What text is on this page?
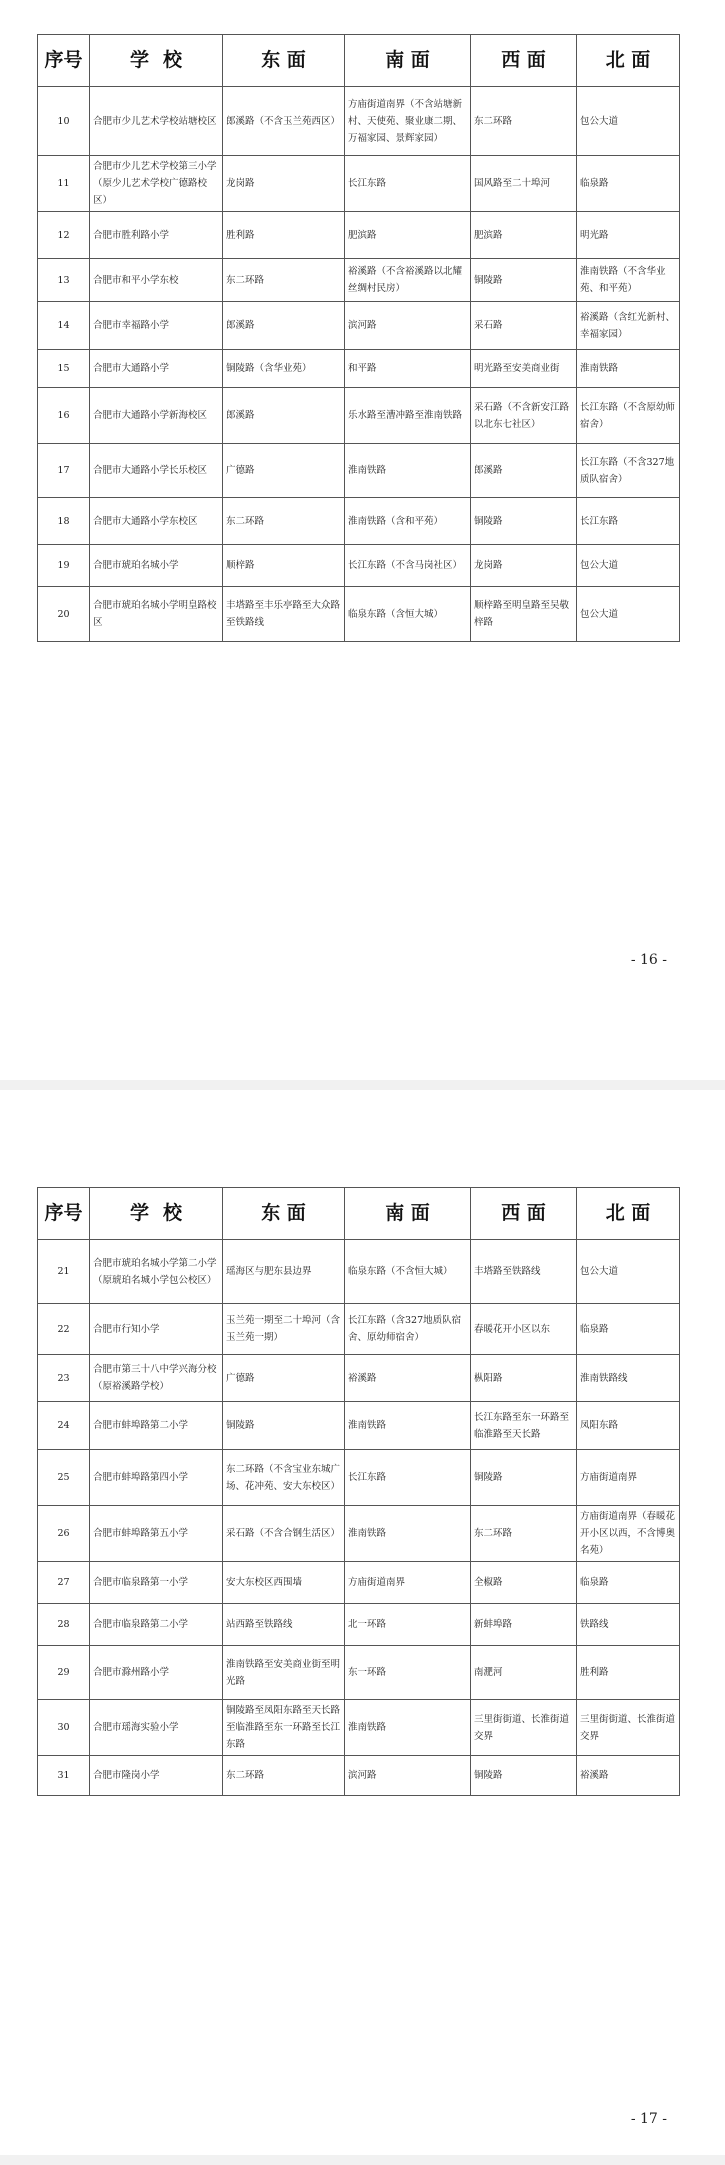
序号	学校	东 面	南 面	西 面	北 面
10	合肥市少儿艺术学校站塘校区	郎溪路（不含玉兰苑西区）	方庙街道南界（不含站塘新村、天使苑、聚业康二期、万福家园、景辉家园）	东二环路	包公大道
11	合肥市少儿艺术学校第三小学（原少儿艺术学校广德路校区）	龙岗路	长江东路	国风路至二十埠河	临泉路
12	合肥市胜利路小学	胜利路	肥滨路	肥滨路	明光路
13	合肥市和平小学东校	东二环路	裕溪路（不含裕溪路以北耀丝绸村民房）	铜陵路	淮南铁路（不含华业苑、和平苑）
14	合肥市幸福路小学	郎溪路	滨河路	采石路	裕溪路（含红光新村、幸福家园）
15	合肥市大通路小学	铜陵路（含华业苑）	和平路	明光路至安美商业街	淮南铁路
16	合肥市大通路小学新海校区	郎溪路	乐水路至漕冲路至淮南铁路	采石路（不含新安江路以北东七社区）	长江东路（不含原幼师宿舍）
17	合肥市大通路小学长乐校区	广德路	淮南铁路	郎溪路	长江东路（不含327地质队宿舍）
18	合肥市大通路小学东校区	东二环路	淮南铁路（含和平苑）	铜陵路	长江东路
19	合肥市琥珀名城小学	顺梓路	长江东路（不含马岗社区）	龙岗路	包公大道
20	合肥市琥珀名城小学明皇路校区	丰塔路至丰乐亭路至大众路至铁路线	临泉东路（含恒大城）	顺梓路至明皇路至吴敬梓路	包公大道
- 16 -
序号	学校	东 面	南 面	西 面	北 面
21	合肥市琥珀名城小学第二小学（原琥珀名城小学包公校区）	瑶海区与肥东县边界	临泉东路（不含恒大城）	丰塔路至铁路线	包公大道
22	合肥市行知小学	玉兰苑一期至二十埠河（含玉兰苑一期）	长江东路（含327地质队宿舍、原幼师宿舍）	春暖花开小区以东	临泉路
23	合肥市第三十八中学兴海分校（原裕溪路学校）	广德路	裕溪路	枞阳路	淮南铁路线
24	合肥市蚌埠路第二小学	铜陵路	淮南铁路	长江东路至东一环路至临淮路至天长路	凤阳东路
25	合肥市蚌埠路第四小学	东二环路（不含宝业东城广场、花冲苑、安大东校区）	长江东路	铜陵路	方庙街道南界
26	合肥市蚌埠路第五小学	采石路（不含合钢生活区）	淮南铁路	东二环路	方庙街道南界（春暖花开小区以西，不含博奥名苑）
27	合肥市临泉路第一小学	安大东校区西围墙	方庙街道南界	全椒路	临泉路
28	合肥市临泉路第二小学	站西路至铁路线	北一环路	新蚌埠路	铁路线
29	合肥市滁州路小学	淮南铁路至安美商业街至明光路	东一环路	南淝河	胜利路
30	合肥市瑶海实验小学	铜陵路至凤阳东路至天长路至临淮路至东一环路至长江东路	淮南铁路	三里街街道、长淮街道交界	三里街街道、长淮街道交界
31	合肥市隆岗小学	东二环路	滨河路	铜陵路	裕溪路
- 17 -
